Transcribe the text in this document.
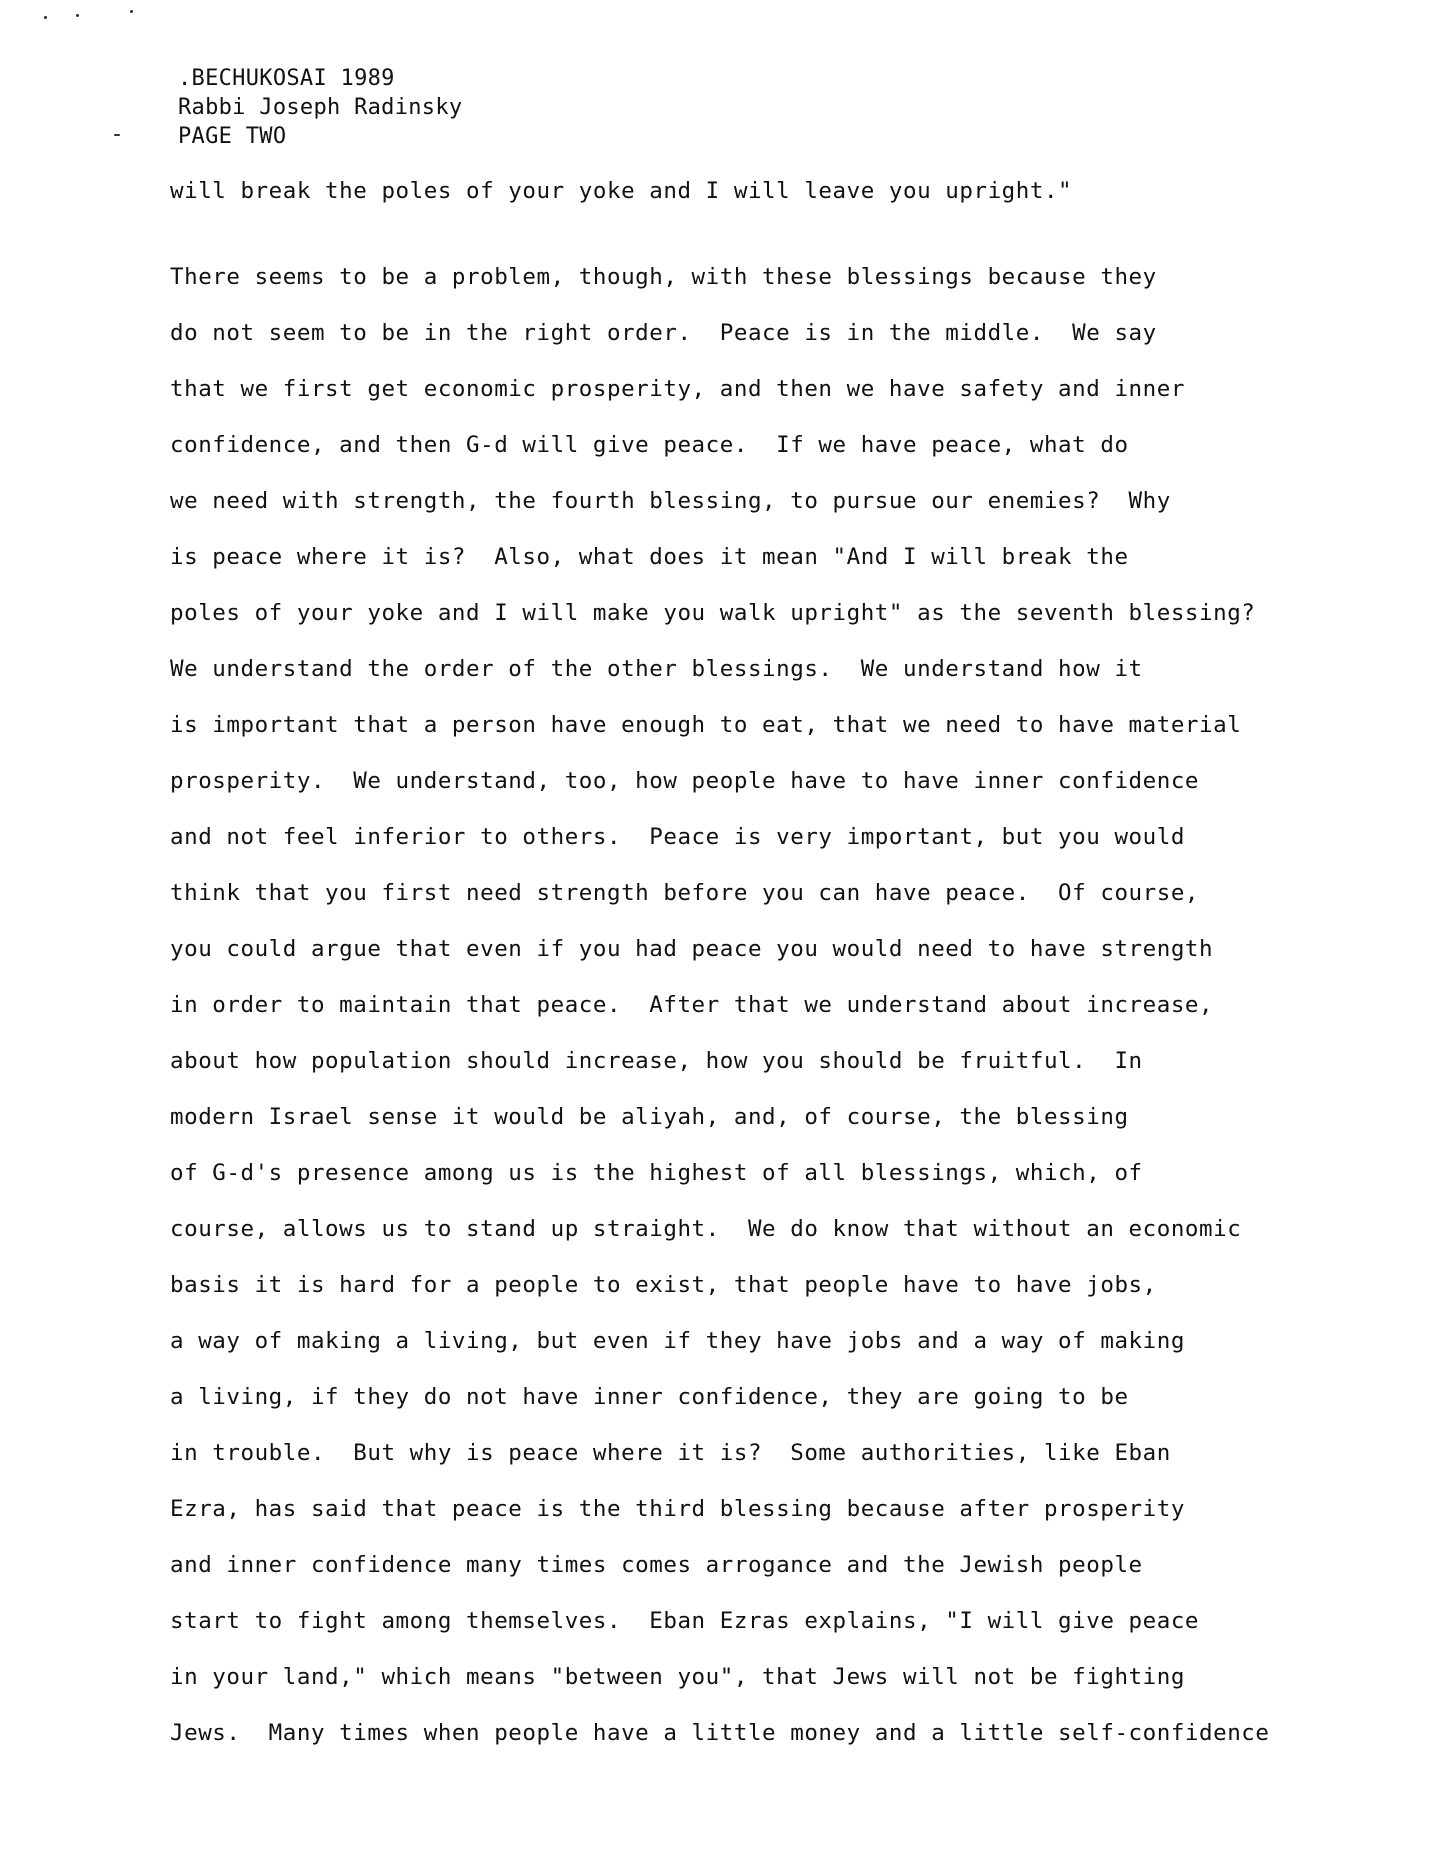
.BECHUKOSAI 1989
Rabbi Joseph Radinsky
PAGE TWO
will break the poles of your yoke and I will leave you upright."
There seems to be a problem, though, with these blessings because they
do not seem to be in the right order.  Peace is in the middle.  We say
that we first get economic prosperity, and then we have safety and inner
confidence, and then G-d will give peace.  If we have peace, what do
we need with strength, the fourth blessing, to pursue our enemies?  Why
is peace where it is?  Also, what does it mean "And I will break the
poles of your yoke and I will make you walk upright" as the seventh blessing?
We understand the order of the other blessings.  We understand how it
is important that a person have enough to eat, that we need to have material
prosperity.  We understand, too, how people have to have inner confidence
and not feel inferior to others.  Peace is very important, but you would
think that you first need strength before you can have peace.  Of course,
you could argue that even if you had peace you would need to have strength
in order to maintain that peace.  After that we understand about increase,
about how population should increase, how you should be fruitful.  In
modern Israel sense it would be aliyah, and, of course, the blessing
of G-d's presence among us is the highest of all blessings, which, of
course, allows us to stand up straight.  We do know that without an economic
basis it is hard for a people to exist, that people have to have jobs,
a way of making a living, but even if they have jobs and a way of making
a living, if they do not have inner confidence, they are going to be
in trouble.  But why is peace where it is?  Some authorities, like Eban
Ezra, has said that peace is the third blessing because after prosperity
and inner confidence many times comes arrogance and the Jewish people
start to fight among themselves.  Eban Ezras explains, "I will give peace
in your land," which means "between you", that Jews will not be fighting
Jews.  Many times when people have a little money and a little self-confidence
